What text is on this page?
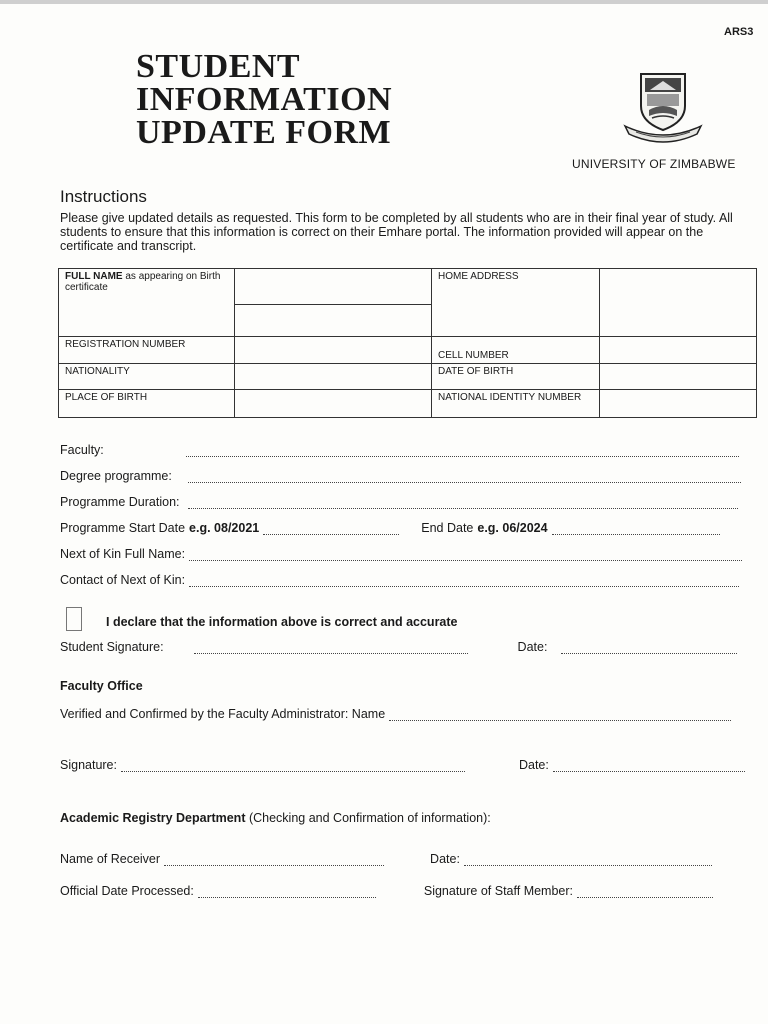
ARS3
STUDENT
INFORMATION
UPDATE FORM
UNIVERSITY OF ZIMBABWE
Instructions
Please give updated details as requested. This form to be completed by all students who are in their final year of study. All students to ensure that this information is correct on their Emhare portal. The information provided will appear on the certificate and transcript.
FULL NAME as appearing on Birth certificate		HOME ADDRESS	

REGISTRATION NUMBER		CELL NUMBER	
NATIONALITY		DATE OF BIRTH	
PLACE OF BIRTH		NATIONAL IDENTITY NUMBER	
Faculty:
Degree programme:
Programme Duration:
Programme Start Date e.g. 08/2021	End Date e.g. 06/2024
Next of Kin Full Name:
Contact of Next of Kin:
I declare that the information above is correct and accurate
Student Signature:	Date:
Faculty Office
Verified and Confirmed by the Faculty Administrator: Name
Signature:	Date:
Academic Registry Department (Checking and Confirmation of information):
Name of Receiver	Date:
Official Date Processed:	Signature of Staff Member:
